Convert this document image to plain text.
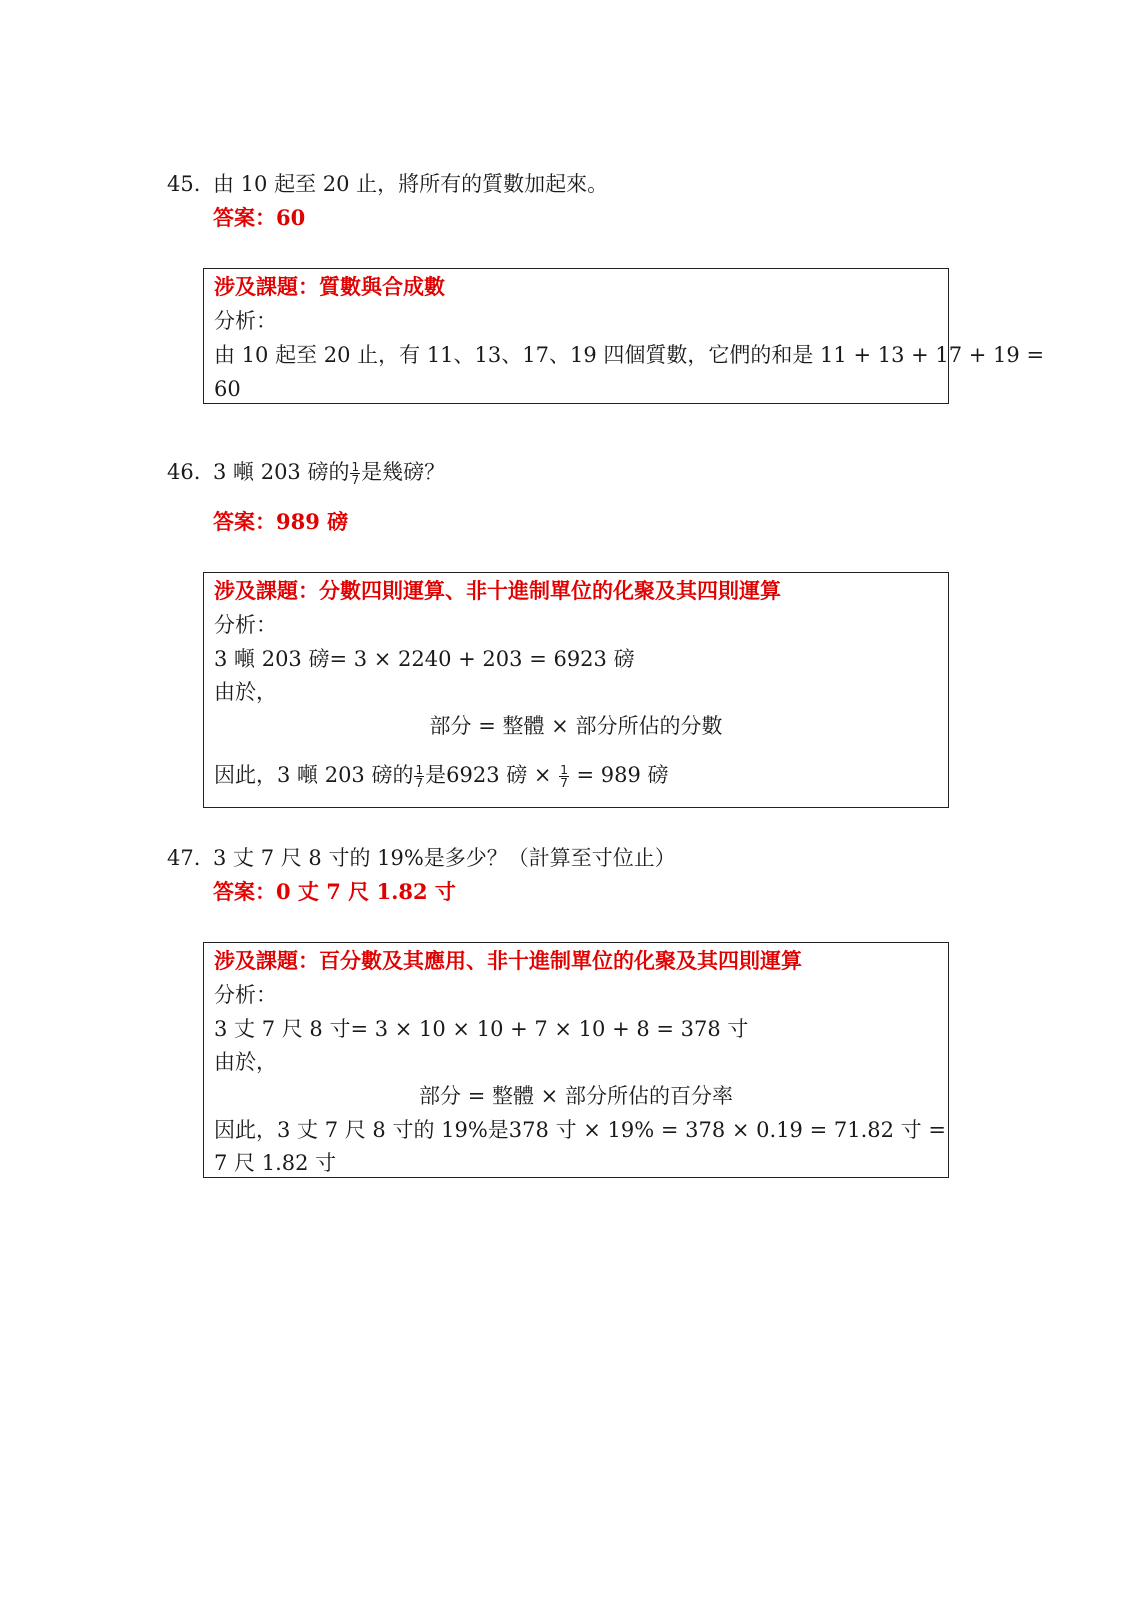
45. 由 10 起至 20 止，將所有的質數加起來。
答案：60
涉及課題：質數與合成數
分析：
由 10 起至 20 止，有 11、13、17、19 四個質數，它們的和是 11 + 13 + 17 + 19 =
60
46. 3 噸 203 磅的 $\frac{1}{7}$ 是幾磅？
答案：989 磅
涉及課題：分數四則運算、非十進制單位的化聚及其四則運算
分析：
3 噸 203 磅= 3 × 2240 + 203 = 6923 磅
由於，
部分 = 整體 × 部分所佔的分數
因此，3 噸 203 磅的 $\frac{1}{7}$ 是6923 磅 × $\frac{1}{7} = 989$ 磅
47. 3 丈 7 尺 8 寸的 19%是多少？（計算至寸位止）
答案：0 丈 7 尺 1.82 寸
涉及課題：百分數及其應用、非十進制單位的化聚及其四則運算
分析：
3 丈 7 尺 8 寸= 3 × 10 × 10 + 7 × 10 + 8 = 378 寸
由於，
部分 = 整體 × 部分所佔的百分率
因此，3 丈 7 尺 8 寸的 19%是378 寸 × 19% = 378 × 0.19 = 71.82 寸 =
7 尺 1.82 寸
